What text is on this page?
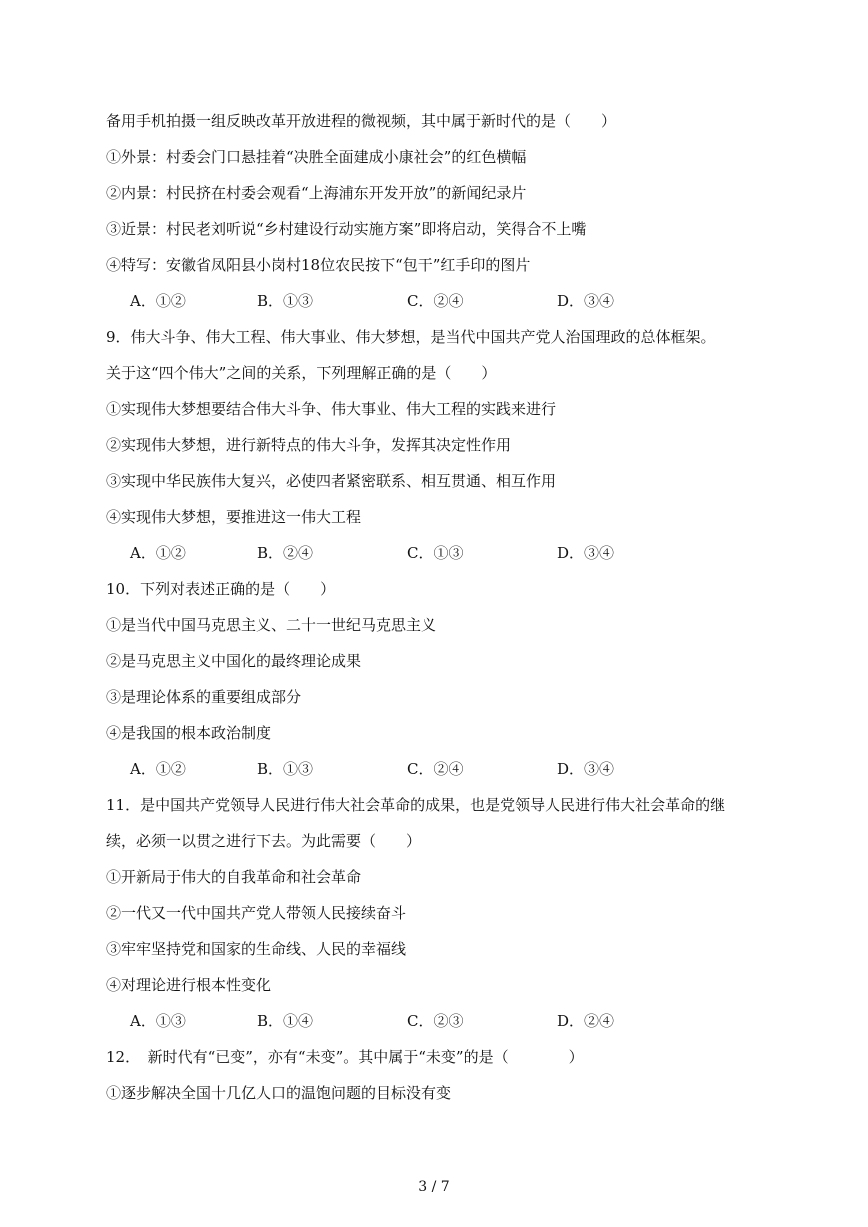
备用手机拍摄一组反映改革开放进程的微视频，其中属于新时代的是（　　）
①外景：村委会门口悬挂着“决胜全面建成小康社会”的红色横幅
②内景：村民挤在村委会观看“上海浦东开发开放”的新闻纪录片
③近景：村民老刘听说“乡村建设行动实施方案”即将启动，笑得合不上嘴
④特写：安徽省凤阳县小岗村18位农民按下“包干”红手印的图片
A．①②	B．①③	C．②④	D．③④
9．伟大斗争、伟大工程、伟大事业、伟大梦想，是当代中国共产党人治国理政的总体框架。
关于这“四个伟大”之间的关系，下列理解正确的是（　　）
①实现伟大梦想要结合伟大斗争、伟大事业、伟大工程的实践来进行
②实现伟大梦想，进行新特点的伟大斗争，发挥其决定性作用
③实现中华民族伟大复兴，必使四者紧密联系、相互贯通、相互作用
④实现伟大梦想，要推进这一伟大工程
A．①②	B．②④	C．①③	D．③④
10．下列对表述正确的是（　　）
①是当代中国马克思主义、二十一世纪马克思主义
②是马克思主义中国化的最终理论成果
③是理论体系的重要组成部分
④是我国的根本政治制度
A．①②	B．①③	C．②④	D．③④
11．是中国共产党领导人民进行伟大社会革命的成果，也是党领导人民进行伟大社会革命的继
续，必须一以贯之进行下去。为此需要（　　）
①开新局于伟大的自我革命和社会革命
②一代又一代中国共产党人带领人民接续奋斗
③牢牢坚持党和国家的生命线、人民的幸福线
④对理论进行根本性变化
A．①③	B．①④	C．②③	D．②④
12．　新时代有“已变”，亦有“未变”。其中属于“未变”的是（　　　　）
①逐步解决全国十几亿人口的温饱问题的目标没有变
3 / 7
